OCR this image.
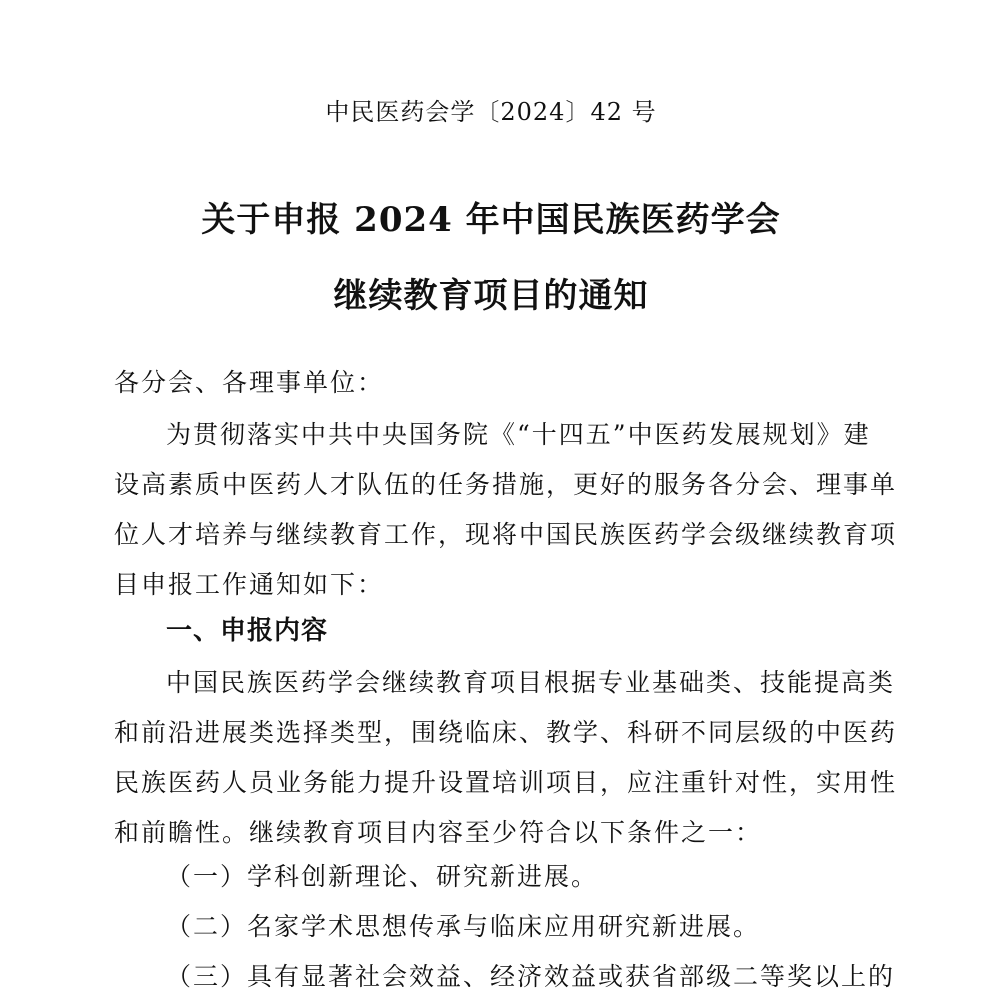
中民医药会学〔2024〕42 号
关于申报 2024 年中国民族医药学会
继续教育项目的通知
各分会、各理事单位：
为贯彻落实中共中央国务院《“十四五”中医药发展规划》建
设高素质中医药人才队伍的任务措施，更好的服务各分会、理事单
位人才培养与继续教育工作，现将中国民族医药学会级继续教育项
目申报工作通知如下：
一、申报内容
中国民族医药学会继续教育项目根据专业基础类、技能提高类
和前沿进展类选择类型，围绕临床、教学、科研不同层级的中医药
民族医药人员业务能力提升设置培训项目，应注重针对性，实用性
和前瞻性。继续教育项目内容至少符合以下条件之一：
（一）学科创新理论、研究新进展。
（二）名家学术思想传承与临床应用研究新进展。
（三）具有显著社会效益、经济效益或获省部级二等奖以上的
